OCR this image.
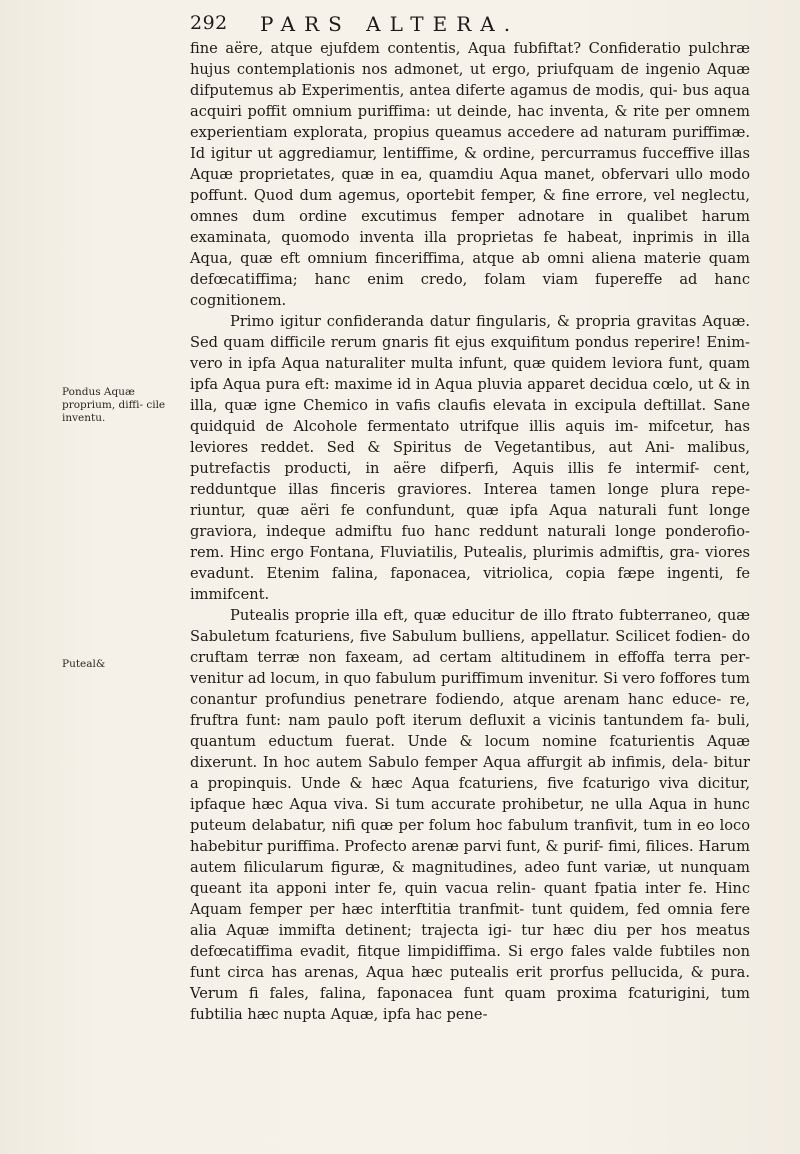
292 PARS ALTERA.
Pondus Aquæ proprium, diffi- cile inventu.
Puteal&

fine aëre, atque ejufdem contentis, Aqua fubfiftat? Confideratio pulchræ hujus contemplationis nos admonet, ut ergo, priufquam de ingenio Aquæ difputemus ab Experimentis, antea diferte agamus de modis, qui- bus aqua acquiri poffit omnium puriffima: ut deinde, hac inventa, & rite per omnem experientiam explorata, propius queamus accedere ad naturam puriffimæ. Id igitur ut aggrediamur, lentiffime, & ordine, percurramus fucceffive illas Aquæ proprietates, quæ in ea, quamdiu Aqua manet, obfervari ullo modo poffunt. Quod dum agemus, oportebit femper, & fine errore, vel neglectu, omnes dum ordine excutimus femper adnotare in qualibet harum examinata, quomodo inventa illa proprietas fe habeat, inprimis in illa Aqua, quæ eft omnium finceriffima, atque ab omni aliena materie quam defœcatiffima; hanc enim credo, folam viam fupereffe ad hanc cognitionem.

Primo igitur confideranda datur fingularis, & propria gravitas Aquæ. Sed quam difficile rerum gnaris fit ejus exquifitum pondus reperire! Enim- vero in ipfa Aqua naturaliter multa infunt, quæ quidem leviora funt, quam ipfa Aqua pura eft: maxime id in Aqua pluvia apparet decidua cœlo, ut & in illa, quæ igne Chemico in vafis claufis elevata in excipula deftillat. Sane quidquid de Alcohole fermentato utrifque illis aquis im- mifcetur, has leviores reddet. Sed & Spiritus de Vegetantibus, aut Ani- malibus, putrefactis producti, in aëre difperfi, Aquis illis fe intermif- cent, redduntque illas finceris graviores. Interea tamen longe plura repe- riuntur, quæ aëri fe confundunt, quæ ipfa Aqua naturali funt longe graviora, indeque admiftu fuo hanc reddunt naturali longe ponderofio- rem. Hinc ergo Fontana, Fluviatilis, Putealis, plurimis admiftis, gra- viores evadunt. Etenim falina, faponacea, vitriolica, copia fæpe ingenti, fe immifcent.

Putealis proprie illa eft, quæ educitur de illo ftrato fubterraneo, quæ Sabuletum fcaturiens, five Sabulum bulliens, appellatur. Scilicet fodien- do cruftam terræ non faxeam, ad certam altitudinem in effoffa terra per- venitur ad locum, in quo fabulum puriffimum invenitur. Si vero foffores tum conantur profundius penetrare fodiendo, atque arenam hanc educe- re, fruftra funt: nam paulo poft iterum defluxit a vicinis tantundem fa- buli, quantum eductum fuerat. Unde & locum nomine fcaturientis Aquæ dixerunt. In hoc autem Sabulo femper Aqua affurgit ab infimis, dela- bitur a propinquis. Unde & hæc Aqua fcaturiens, five fcaturigo viva dicitur, ipfaque hæc Aqua viva. Si tum accurate prohibetur, ne ulla Aqua in hunc puteum delabatur, nifi quæ per folum hoc fabulum tranfivit, tum in eo loco habebitur puriffima. Profecto arenæ parvi funt, & purif- fimi, filices. Harum autem filicularum figuræ, & magnitudines, adeo funt variæ, ut nunquam queant ita apponi inter fe, quin vacua relin- quant fpatia inter fe. Hinc Aquam femper per hæc interftitia tranfmit- tunt quidem, fed omnia fere alia Aquæ immifta detinent; trajecta igi- tur hæc diu per hos meatus defœcatiffima evadit, fitque limpidiffima. Si ergo fales valde fubtiles non funt circa has arenas, Aqua hæc putealis erit prorfus pellucida, & pura. Verum fi fales, falina, faponacea funt quam proxima fcaturigini, tum fubtilia hæc nupta Aquæ, ipfa hac pene-
